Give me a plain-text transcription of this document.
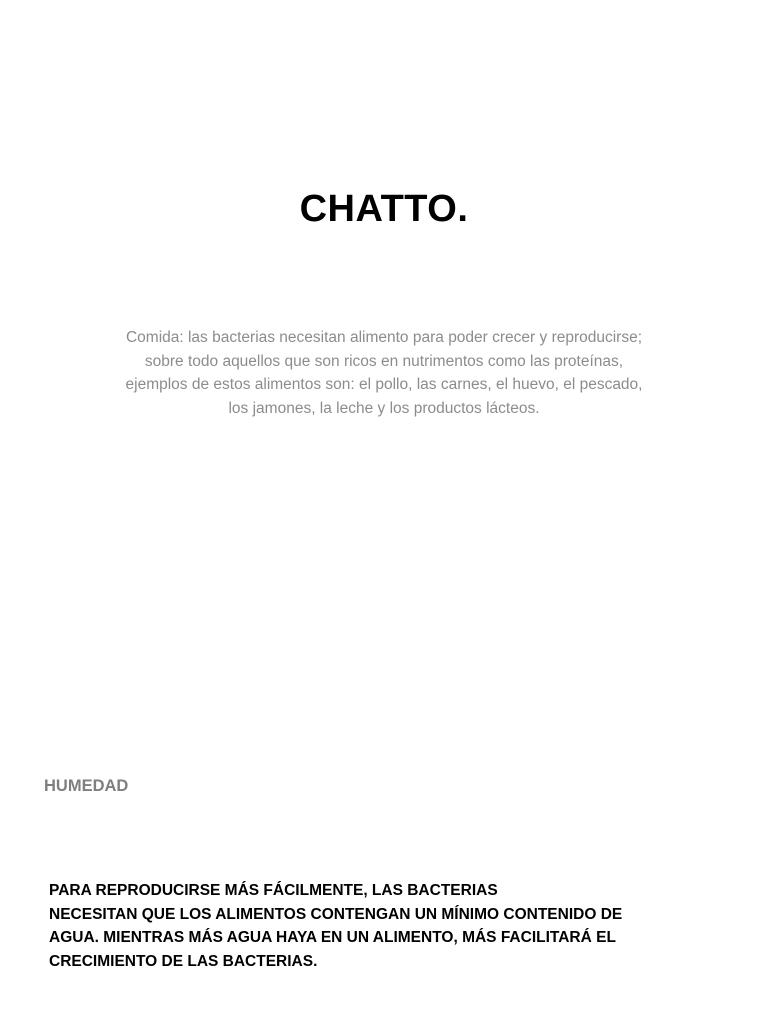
CHATTO.
Comida: las bacterias necesitan alimento para poder crecer y reproducirse; sobre todo aquellos que son ricos en nutrimentos como las proteínas, ejemplos de estos alimentos son: el pollo, las carnes, el huevo, el pescado, los jamones, la leche y los productos lácteos.
HUMEDAD
PARA REPRODUCIRSE MÁS FÁCILMENTE, LAS BACTERIAS
NECESITAN QUE LOS ALIMENTOS CONTENGAN UN MÍNIMO CONTENIDO DE
AGUA. MIENTRAS MÁS AGUA HAYA EN UN ALIMENTO, MÁS FACILITARÁ EL
CRECIMIENTO DE LAS BACTERIAS.
